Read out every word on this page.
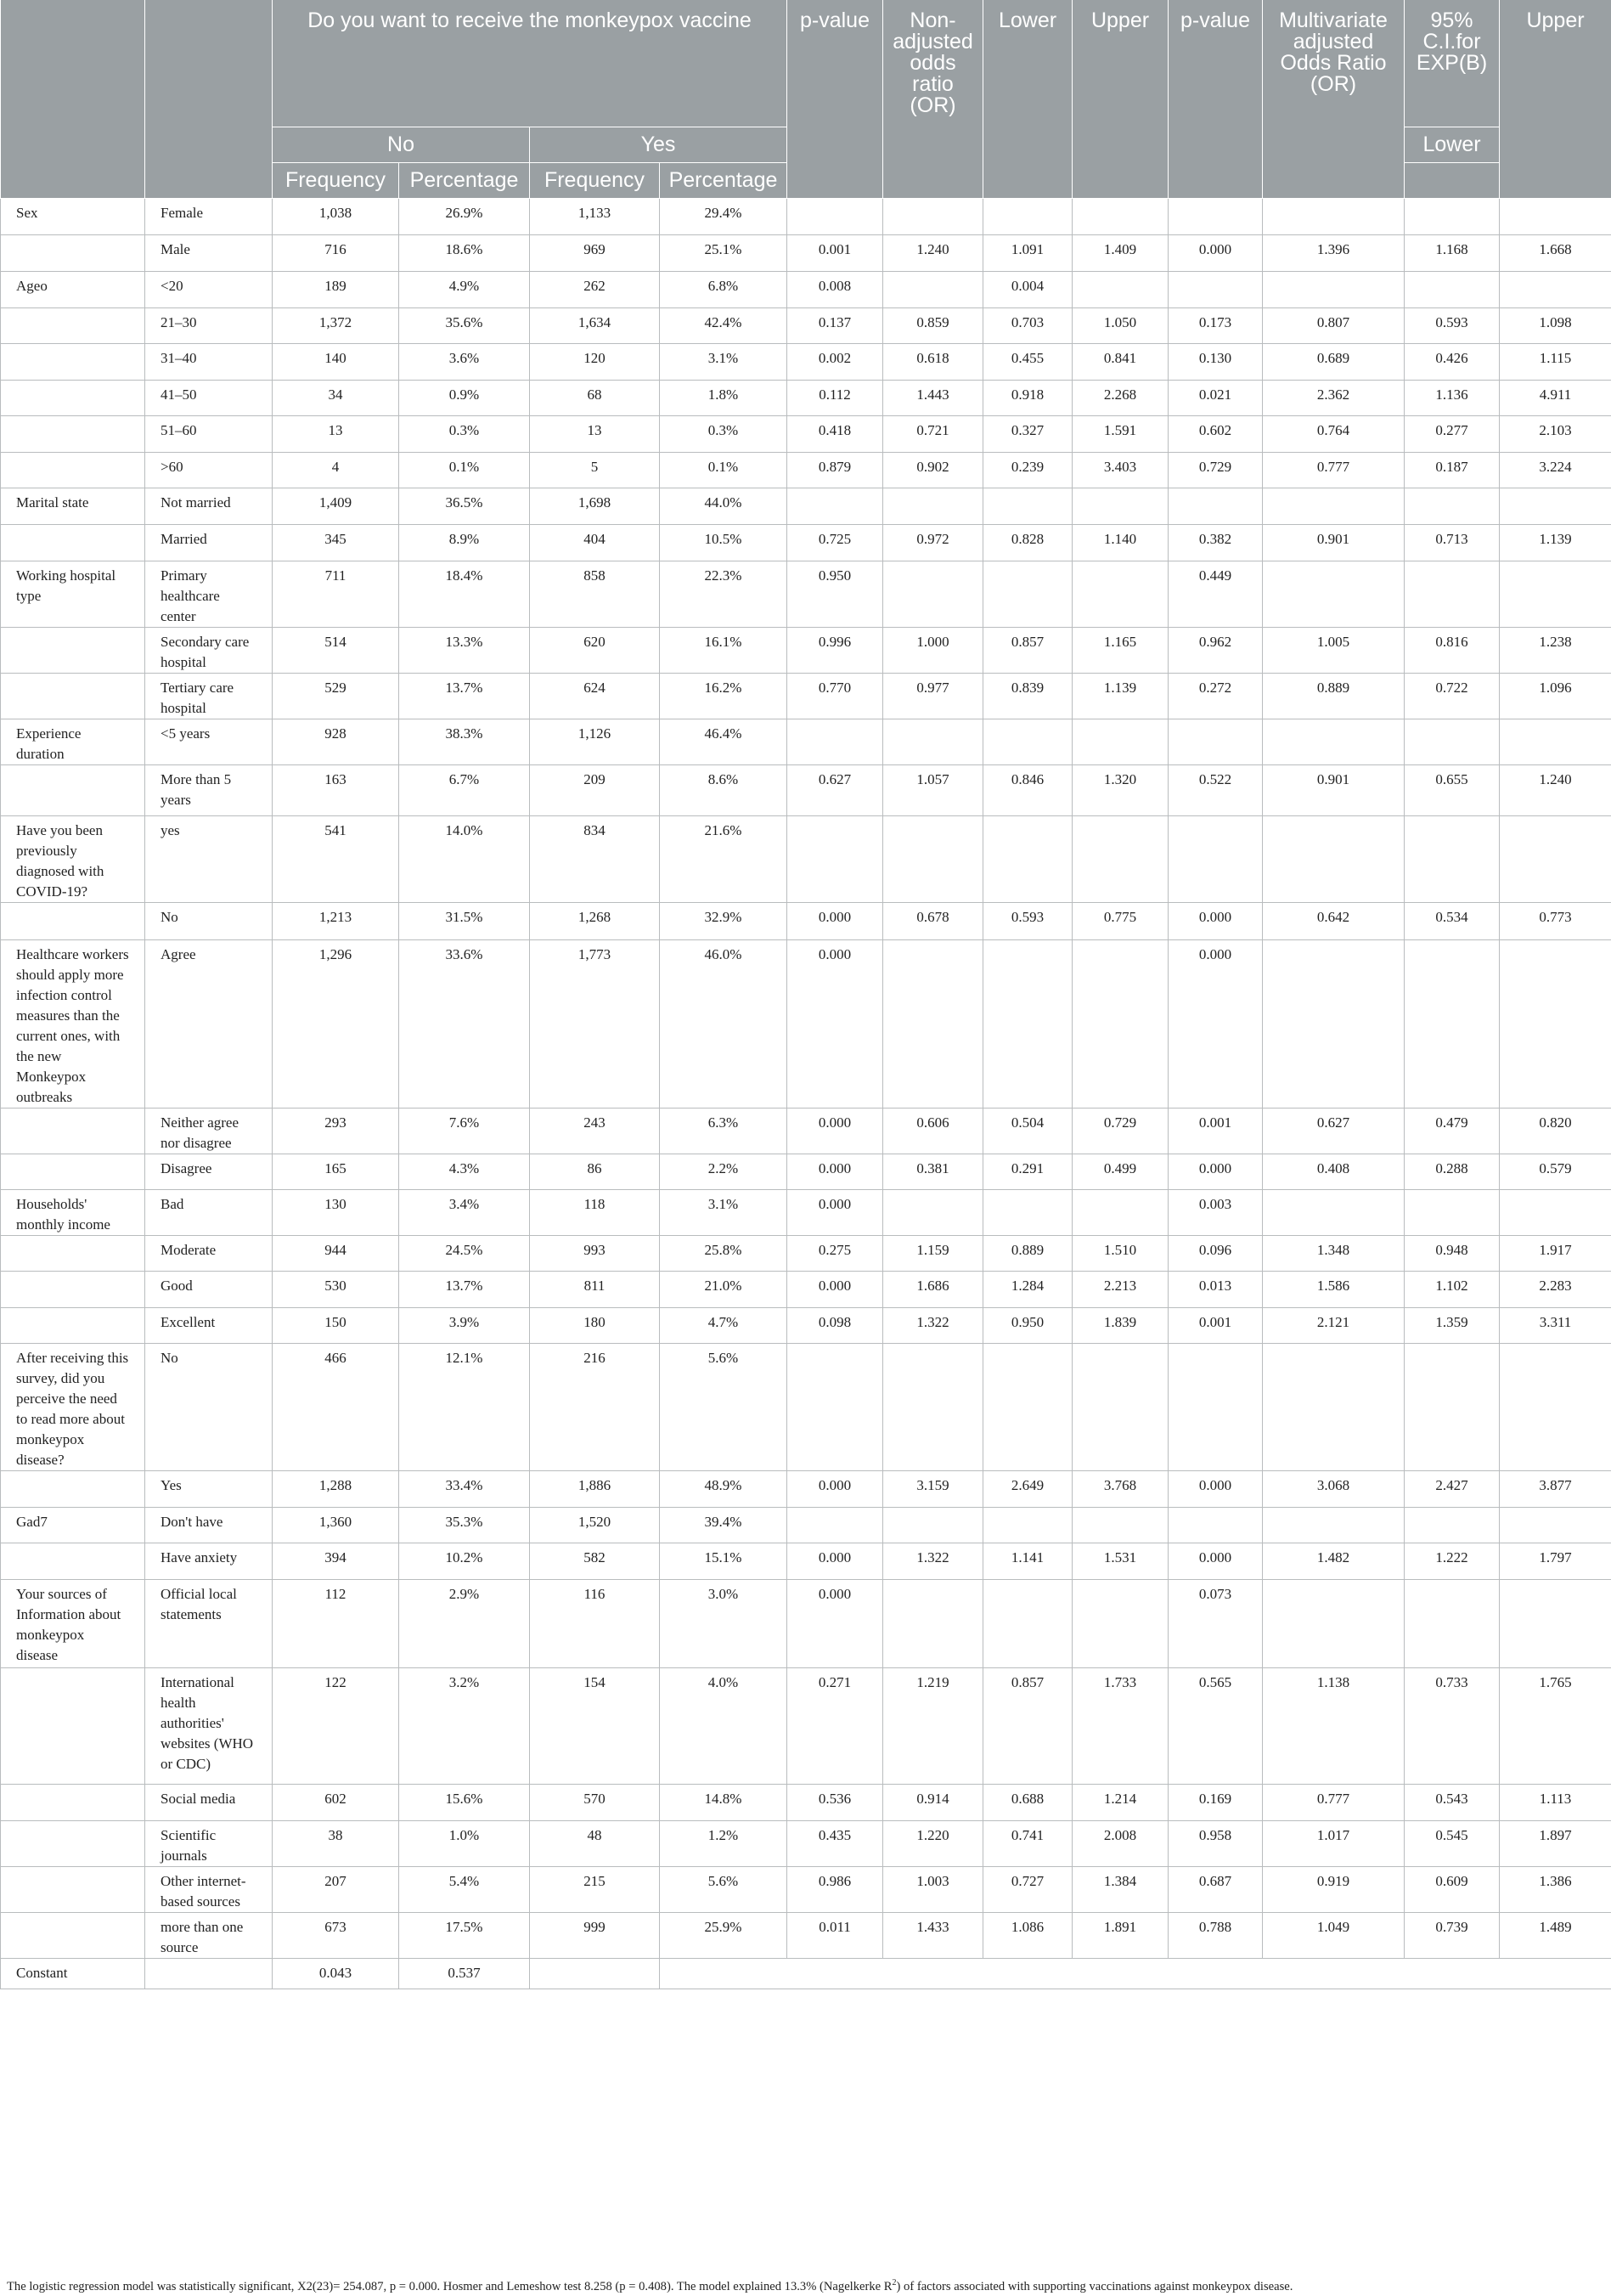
		Do you want to receive the monkeypox vaccine				p-value	Non-adjusted odds ratio (OR)	Lower	Upper	p-value	Multivariate adjusted Odds Ratio (OR)	95% C.I.for EXP(B)	Upper
		No		Yes								Lower	
		Frequency	Percentage	Frequency	Percentage								
Sex	Female	1,038	26.9%	1,133	29.4%								
	Male	716	18.6%	969	25.1%	0.001	1.240	1.091	1.409	0.000	1.396	1.168	1.668
Ageo	<20	189	4.9%	262	6.8%	0.008		0.004					
	21–30	1,372	35.6%	1,634	42.4%	0.137	0.859	0.703	1.050	0.173	0.807	0.593	1.098
	31–40	140	3.6%	120	3.1%	0.002	0.618	0.455	0.841	0.130	0.689	0.426	1.115
	41–50	34	0.9%	68	1.8%	0.112	1.443	0.918	2.268	0.021	2.362	1.136	4.911
	51–60	13	0.3%	13	0.3%	0.418	0.721	0.327	1.591	0.602	0.764	0.277	2.103
	>60	4	0.1%	5	0.1%	0.879	0.902	0.239	3.403	0.729	0.777	0.187	3.224
Marital state	Not married	1,409	36.5%	1,698	44.0%								
	Married	345	8.9%	404	10.5%	0.725	0.972	0.828	1.140	0.382	0.901	0.713	1.139
Working hospital type	Primary healthcare center	711	18.4%	858	22.3%	0.950				0.449			
	Secondary care hospital	514	13.3%	620	16.1%	0.996	1.000	0.857	1.165	0.962	1.005	0.816	1.238
	Tertiary care hospital	529	13.7%	624	16.2%	0.770	0.977	0.839	1.139	0.272	0.889	0.722	1.096
Experience duration	<5 years	928	38.3%	1,126	46.4%								
	More than 5 years	163	6.7%	209	8.6%	0.627	1.057	0.846	1.320	0.522	0.901	0.655	1.240
Have you been previously diagnosed with COVID-19?	yes	541	14.0%	834	21.6%								
	No	1,213	31.5%	1,268	32.9%	0.000	0.678	0.593	0.775	0.000	0.642	0.534	0.773
Healthcare workers should apply more infection control measures than the current ones, with the new Monkeypox outbreaks	Agree	1,296	33.6%	1,773	46.0%	0.000				0.000			
	Neither agree nor disagree	293	7.6%	243	6.3%	0.000	0.606	0.504	0.729	0.001	0.627	0.479	0.820
	Disagree	165	4.3%	86	2.2%	0.000	0.381	0.291	0.499	0.000	0.408	0.288	0.579
Households' monthly income	Bad	130	3.4%	118	3.1%	0.000				0.003			
	Moderate	944	24.5%	993	25.8%	0.275	1.159	0.889	1.510	0.096	1.348	0.948	1.917
	Good	530	13.7%	811	21.0%	0.000	1.686	1.284	2.213	0.013	1.586	1.102	2.283
	Excellent	150	3.9%	180	4.7%	0.098	1.322	0.950	1.839	0.001	2.121	1.359	3.311
After receiving this survey, did you perceive the need to read more about monkeypox disease?	No	466	12.1%	216	5.6%								
	Yes	1,288	33.4%	1,886	48.9%	0.000	3.159	2.649	3.768	0.000	3.068	2.427	3.877
Gad7	Don't have	1,360	35.3%	1,520	39.4%								
	Have anxiety	394	10.2%	582	15.1%	0.000	1.322	1.141	1.531	0.000	1.482	1.222	1.797
Your sources of Information about monkeypox disease	Official local statements	112	2.9%	116	3.0%	0.000				0.073			
	International health authorities' websites (WHO or CDC)	122	3.2%	154	4.0%	0.271	1.219	0.857	1.733	0.565	1.138	0.733	1.765
	Social media	602	15.6%	570	14.8%	0.536	0.914	0.688	1.214	0.169	0.777	0.543	1.113
	Scientific journals	38	1.0%	48	1.2%	0.435	1.220	0.741	2.008	0.958	1.017	0.545	1.897
	Other internet-based sources	207	5.4%	215	5.6%	0.986	1.003	0.727	1.384	0.687	0.919	0.609	1.386
	more than one source	673	17.5%	999	25.9%	0.011	1.433	1.086	1.891	0.788	1.049	0.739	1.489
Constant		0.043	0.537										
The logistic regression model was statistically significant, X2(23)= 254.087, p = 0.000. Hosmer and Lemeshow test 8.258 (p = 0.408). The model explained 13.3% (Nagelkerke $R^2$) of factors associated with supporting vaccinations against monkeypox disease.
